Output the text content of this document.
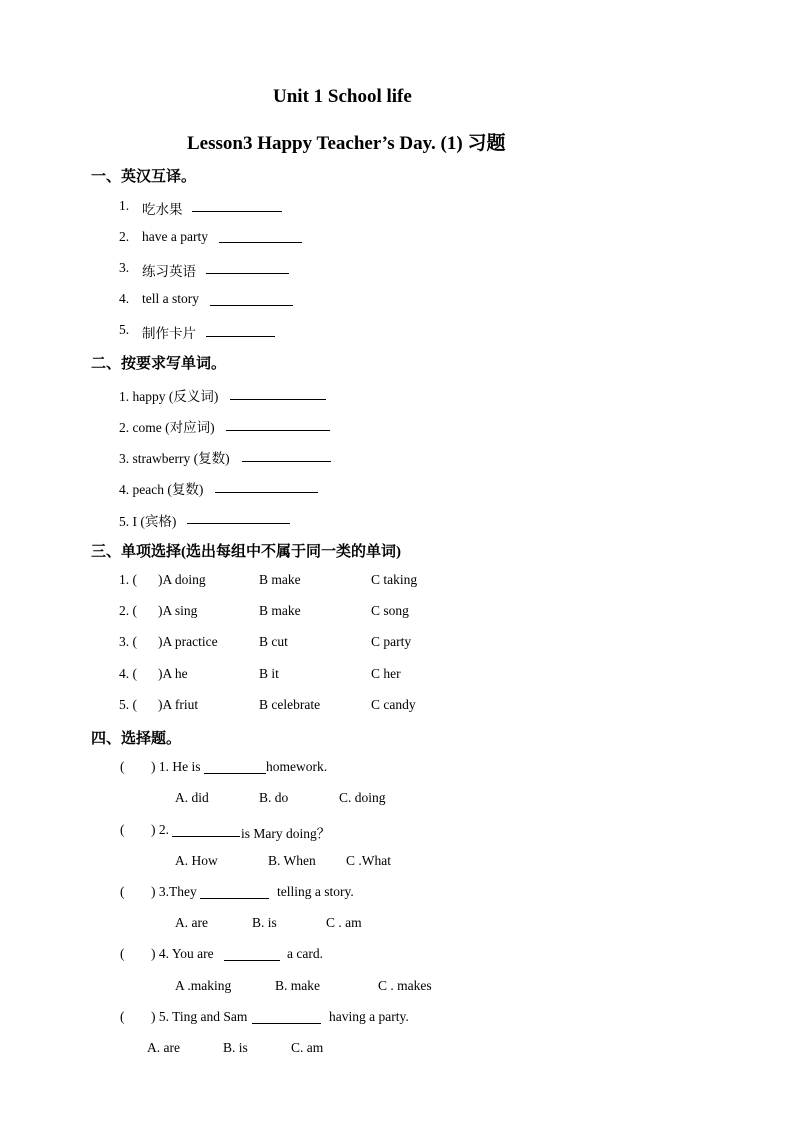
Unit 1 School life
Lesson3 Happy Teacher’s Day. (1) 习题
一、英汉互译。
1. 吃水果
2. have a party
3. 练习英语
4. tell a story
5. 制作卡片
二、按要求写单词。
1. happy (反义词)
2. come (对应词)
3. strawberry (复数)
4. peach (复数)
5. I (宾格)
三、单项选择(选出每组中不属于同一类的单词)
1. ( )A doing	B make	C taking
2. ( )A sing	B make	C song
3. ( )A practice	B cut	C party
4. ( )A he	B it	C her
5. ( )A friut	B celebrate	C candy
四、选择题。
( ) 1. He is	homework.
A. did	B. do	C. doing
( ) 2.	is Mary doing？
A. How	B. When C .What
( ) 3.They	telling a story.
A. are	B. is	C . am
( ) 4. You are	a card.
A .making	B. make	C . makes
( ) 5. Ting and Sam	having a party.
A. are	B. is	C. am
